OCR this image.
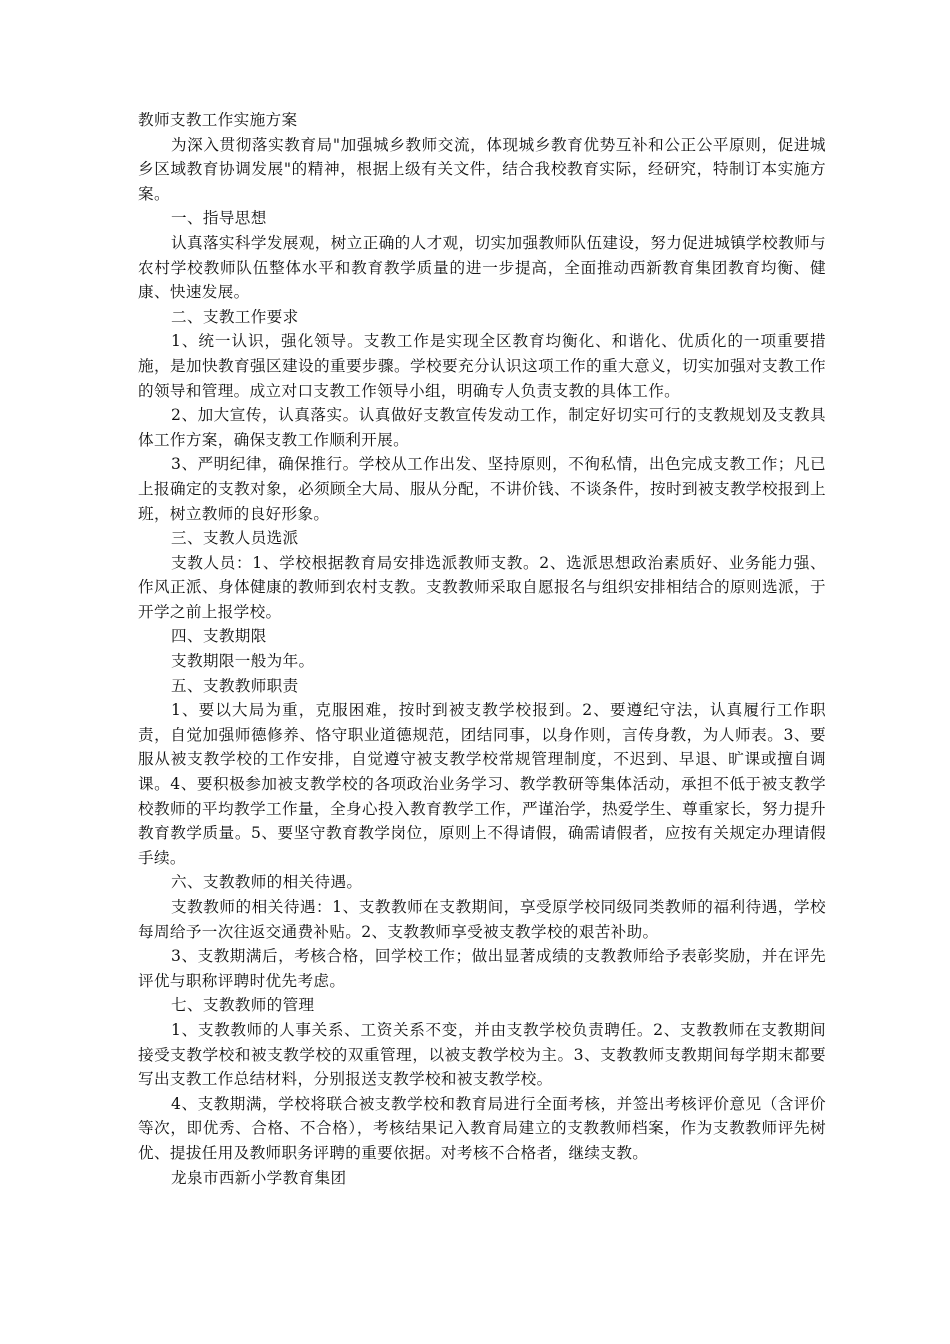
教师支教工作实施方案

为深入贯彻落实教育局"加强城乡教师交流，体现城乡教育优势互补和公正公平原则，促进城乡区域教育协调发展"的精神，根据上级有关文件，结合我校教育实际，经研究，特制订本实施方案。

一、指导思想

认真落实科学发展观，树立正确的人才观，切实加强教师队伍建设，努力促进城镇学校教师与农村学校教师队伍整体水平和教育教学质量的进一步提高，全面推动西新教育集团教育均衡、健康、快速发展。

二、支教工作要求

1、统一认识，强化领导。支教工作是实现全区教育均衡化、和谐化、优质化的一项重要措施，是加快教育强区建设的重要步骤。学校要充分认识这项工作的重大意义，切实加强对支教工作的领导和管理。成立对口支教工作领导小组，明确专人负责支教的具体工作。

2、加大宣传，认真落实。认真做好支教宣传发动工作，制定好切实可行的支教规划及支教具体工作方案，确保支教工作顺利开展。

3、严明纪律，确保推行。学校从工作出发、坚持原则，不徇私情，出色完成支教工作；凡已上报确定的支教对象，必须顾全大局、服从分配，不讲价钱、不谈条件，按时到被支教学校报到上班，树立教师的良好形象。

三、支教人员选派

支教人员：1、学校根据教育局安排选派教师支教。2、选派思想政治素质好、业务能力强、作风正派、身体健康的教师到农村支教。支教教师采取自愿报名与组织安排相结合的原则选派，于开学之前上报学校。

四、支教期限

支教期限一般为年。

五、支教教师职责

1、要以大局为重，克服困难，按时到被支教学校报到。2、要遵纪守法，认真履行工作职责，自觉加强师德修养、恪守职业道德规范，团结同事，以身作则，言传身教，为人师表。3、要服从被支教学校的工作安排，自觉遵守被支教学校常规管理制度，不迟到、早退、旷课或擅自调课。4、要积极参加被支教学校的各项政治业务学习、教学教研等集体活动，承担不低于被支教学校教师的平均教学工作量，全身心投入教育教学工作，严谨治学，热爱学生、尊重家长，努力提升教育教学质量。5、要坚守教育教学岗位，原则上不得请假，确需请假者，应按有关规定办理请假手续。

六、支教教师的相关待遇。

支教教师的相关待遇：1、支教教师在支教期间，享受原学校同级同类教师的福利待遇，学校每周给予一次往返交通费补贴。2、支教教师享受被支教学校的艰苦补助。

3、支教期满后，考核合格，回学校工作；做出显著成绩的支教教师给予表彰奖励，并在评先评优与职称评聘时优先考虑。

七、支教教师的管理

1、支教教师的人事关系、工资关系不变，并由支教学校负责聘任。2、支教教师在支教期间接受支教学校和被支教学校的双重管理，以被支教学校为主。3、支教教师支教期间每学期末都要写出支教工作总结材料，分别报送支教学校和被支教学校。

4、支教期满，学校将联合被支教学校和教育局进行全面考核，并签出考核评价意见（含评价等次，即优秀、合格、不合格），考核结果记入教育局建立的支教教师档案，作为支教教师评先树优、提拔任用及教师职务评聘的重要依据。对考核不合格者，继续支教。

龙泉市西新小学教育集团
